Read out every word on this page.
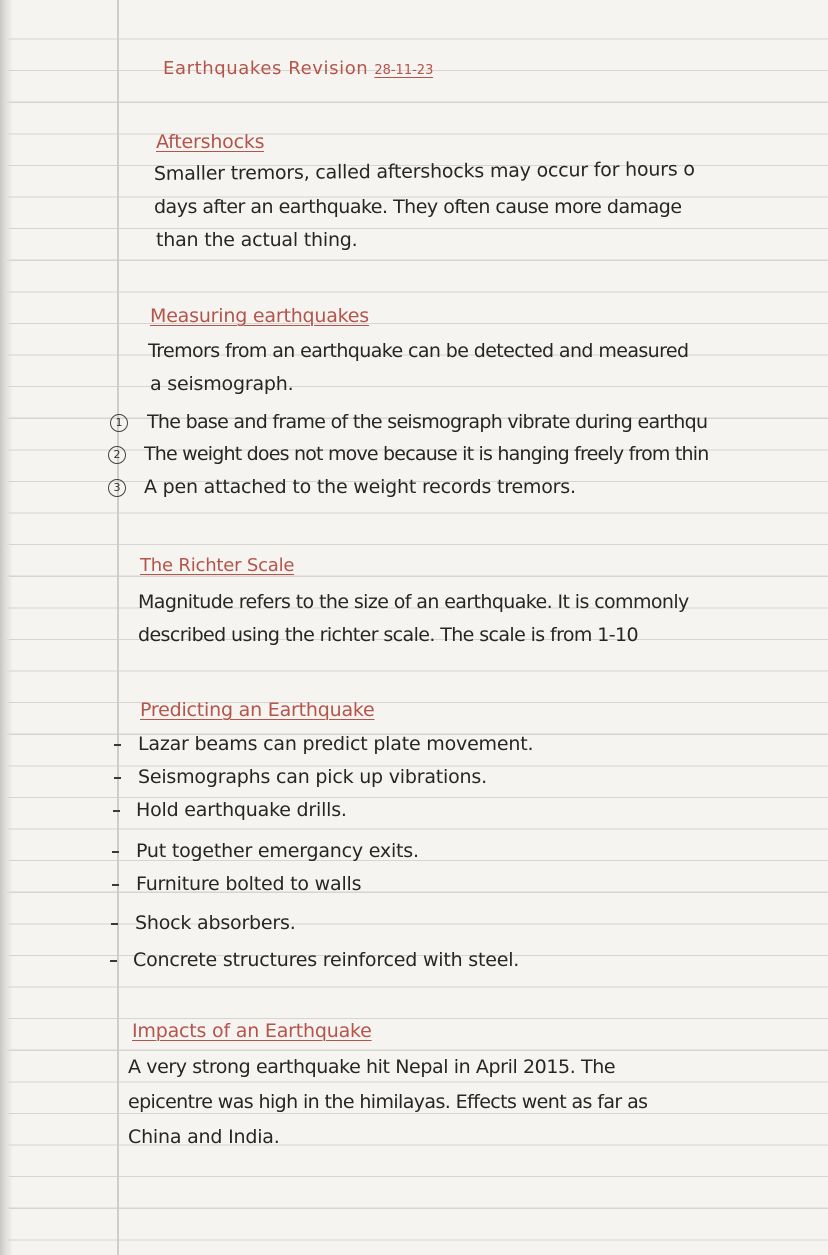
Earthquakes Revision 28-11-23
Aftershocks
Smaller tremors, called aftershocks may occur for hours o
days after an earthquake. They often cause more damage
than the actual thing.
Measuring earthquakes
Tremors from an earthquake can be detected and measured
a seismograph.
1 The base and frame of the seismograph vibrate during earthqu
2 The weight does not move because it is hanging freely from thin
3 A pen attached to the weight records tremors.
The Richter Scale
Magnitude refers to the size of an earthquake. It is commonly
described using the richter scale. The scale is from 1-10
Predicting an Earthquake
Lazar beams can predict plate movement.
Seismographs can pick up vibrations.
Hold earthquake drills.
Put together emergancy exits.
Furniture bolted to walls
Shock absorbers.
Concrete structures reinforced with steel.
Impacts of an Earthquake
A very strong earthquake hit Nepal in April 2015. The
epicentre was high in the himilayas. Effects went as far as
China and India.
